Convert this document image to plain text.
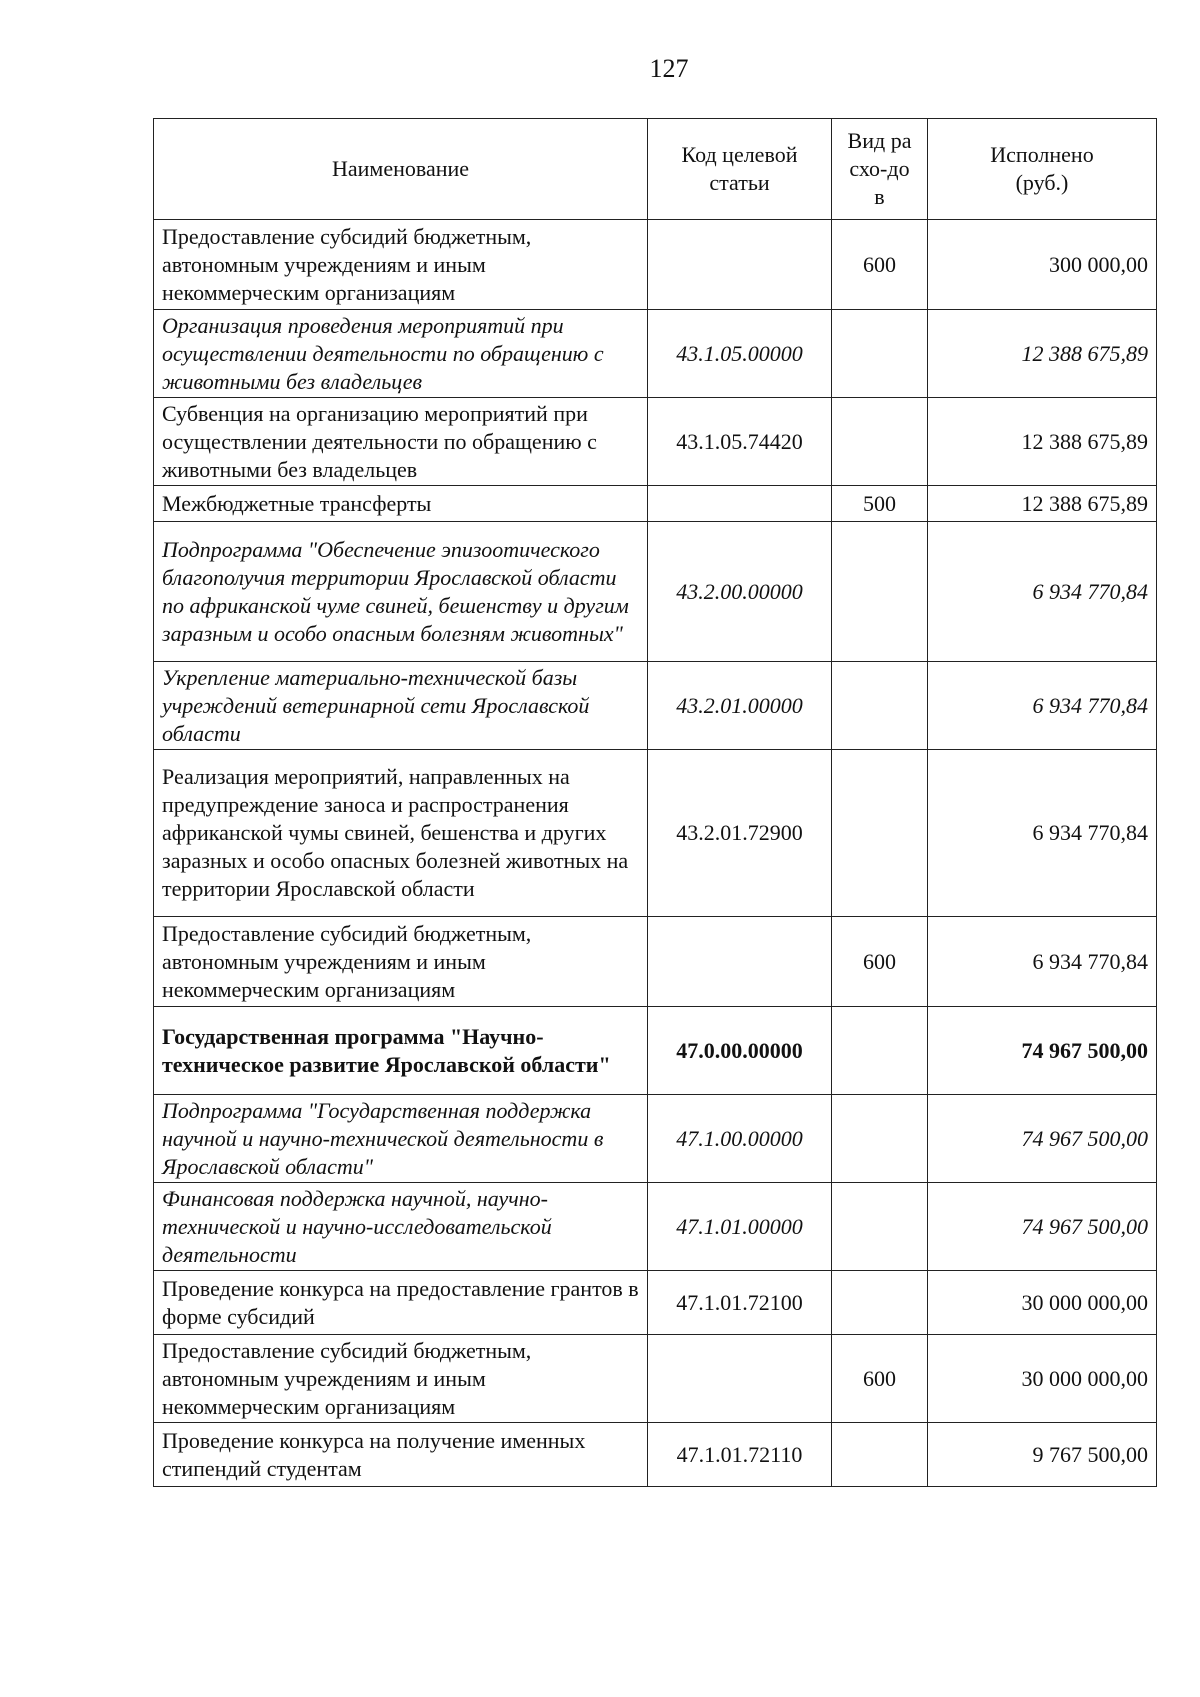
127
Наименование	Код целевой статьи	Вид расхо-дов	Исполнено (руб.)
Предоставление субсидий бюджетным, автономным учреждениям и иным некоммерческим организациям		600	300 000,00
Организация проведения мероприятий при осуществлении деятельности по обращению с животными без владельцев	43.1.05.00000		12 388 675,89
Субвенция на организацию мероприятий при осуществлении деятельности по обращению с животными без владельцев	43.1.05.74420		12 388 675,89
Межбюджетные трансферты		500	12 388 675,89
Подпрограмма "Обеспечение эпизоотического благополучия территории Ярославской области по африканской чуме свиней, бешенству и другим заразным и особо опасным болезням животных"	43.2.00.00000		6 934 770,84
Укрепление материально-технической базы учреждений ветеринарной сети Ярославской области	43.2.01.00000		6 934 770,84
Реализация мероприятий, направленных на предупреждение заноса и распространения африканской чумы свиней, бешенства и других заразных и особо опасных болезней животных на территории Ярославской области	43.2.01.72900		6 934 770,84
Предоставление субсидий бюджетным, автономным учреждениям и иным некоммерческим организациям		600	6 934 770,84
Государственная программа "Научно-техническое развитие Ярославской области"	47.0.00.00000		74 967 500,00
Подпрограмма "Государственная поддержка научной и научно-технической деятельности в Ярославской области"	47.1.00.00000		74 967 500,00
Финансовая поддержка научной, научно-технической и научно-исследовательской деятельности	47.1.01.00000		74 967 500,00
Проведение конкурса на предоставление грантов в форме субсидий	47.1.01.72100		30 000 000,00
Предоставление субсидий бюджетным, автономным учреждениям и иным некоммерческим организациям		600	30 000 000,00
Проведение конкурса на получение именных стипендий студентам	47.1.01.72110		9 767 500,00
